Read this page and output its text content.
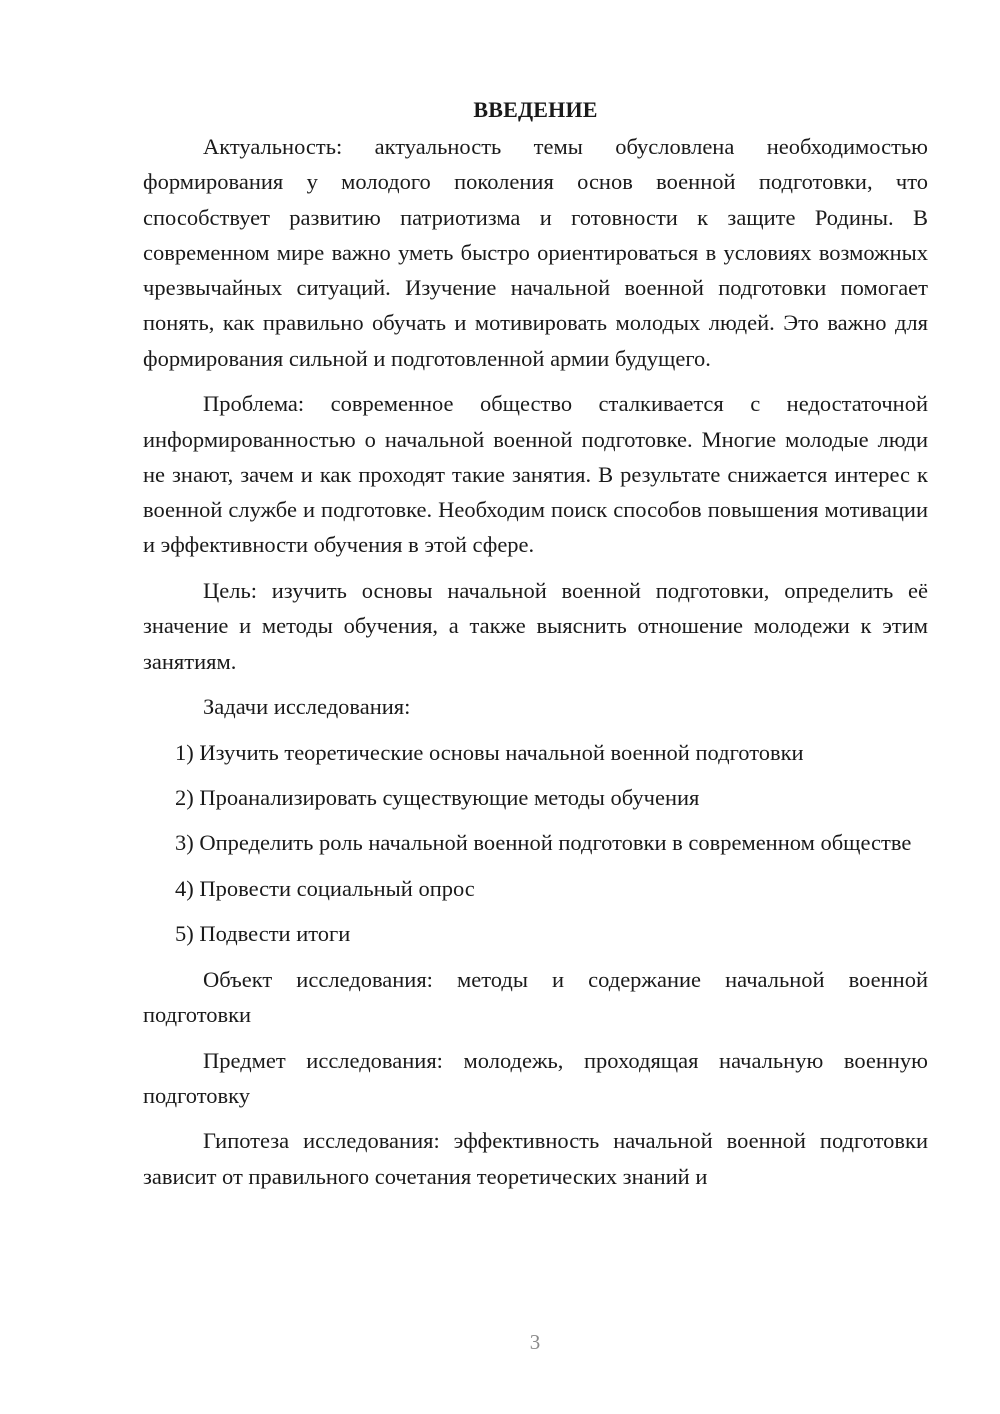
ВВЕДЕНИЕ

Актуальность: актуальность темы обусловлена необходимостью формирования у молодого поколения основ военной подготовки, что способствует развитию патриотизма и готовности к защите Родины. В современном мире важно уметь быстро ориентироваться в условиях возможных чрезвычайных ситуаций. Изучение начальной военной подготовки помогает понять, как правильно обучать и мотивировать молодых людей. Это важно для формирования сильной и подготовленной армии будущего.

Проблема: современное общество сталкивается с недостаточной информированностью о начальной военной подготовке. Многие молодые люди не знают, зачем и как проходят такие занятия. В результате снижается интерес к военной службе и подготовке. Необходим поиск способов повышения мотивации и эффективности обучения в этой сфере.

Цель: изучить основы начальной военной подготовки, определить её значение и методы обучения, а также выяснить отношение молодежи к этим занятиям.

Задачи исследования:

1) Изучить теоретические основы начальной военной подготовки

2) Проанализировать существующие методы обучения

3) Определить роль начальной военной подготовки в современном обществе

4) Провести социальный опрос

5) Подвести итоги

Объект исследования: методы и содержание начальной военной подготовки

Предмет исследования: молодежь, проходящая начальную военную подготовку

Гипотеза исследования: эффективность начальной военной подготовки зависит от правильного сочетания теоретических знаний и

3
